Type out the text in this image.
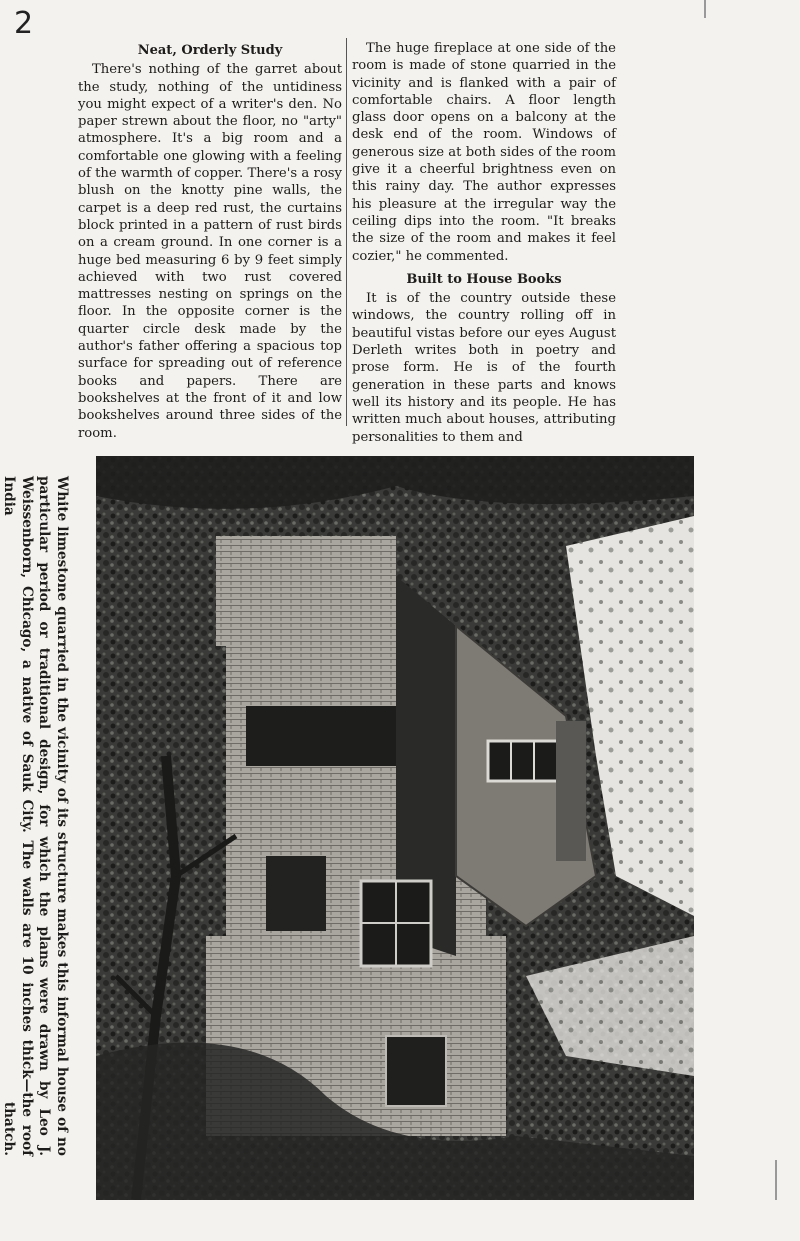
2
Neat, Orderly Study

There's nothing of the garret about the study, nothing of the untidiness you might expect of a writer's den. No paper strewn about the floor, no "arty" atmosphere. It's a big room and a comfortable one glowing with a feeling of the warmth of copper. There's a rosy blush on the knotty pine walls, the carpet is a deep red rust, the curtains block printed in a pattern of rust birds on a cream ground. In one corner is a huge bed measuring 6 by 9 feet simply achieved with two rust covered mattresses nesting on springs on the floor. In the opposite corner is the quarter circle desk made by the author's father offering a spacious top surface for spreading out of reference books and papers. There are bookshelves at the front of it and low bookshelves around three sides of the room.

The huge fireplace at one side of the room is made of stone quarried in the vicinity and is flanked with a pair of comfortable chairs. A floor length glass door opens on a balcony at the desk end of the room. Windows of generous size at both sides of the room give it a cheerful brightness even on this rainy day. The author expresses his pleasure at the irregular way the ceiling dips into the room. "It breaks the size of the room and makes it feel cozier," he commented.

Built to House Books

It is of the country outside these windows, the country rolling off in beautiful vistas before our eyes August Derleth writes both in poetry and prose form. He is of the fourth generation in these parts and knows well its history and its people. He has written much about houses, attributing personalities to them and

White limestone quarried in the vicinity of its structure makes this informal house of no particular period or traditional design, for which the plans were drawn by Leo J. Weissenborn, Chicago, a native of Sauk City. The walls are 10 inches thick—the roof India thatch.
